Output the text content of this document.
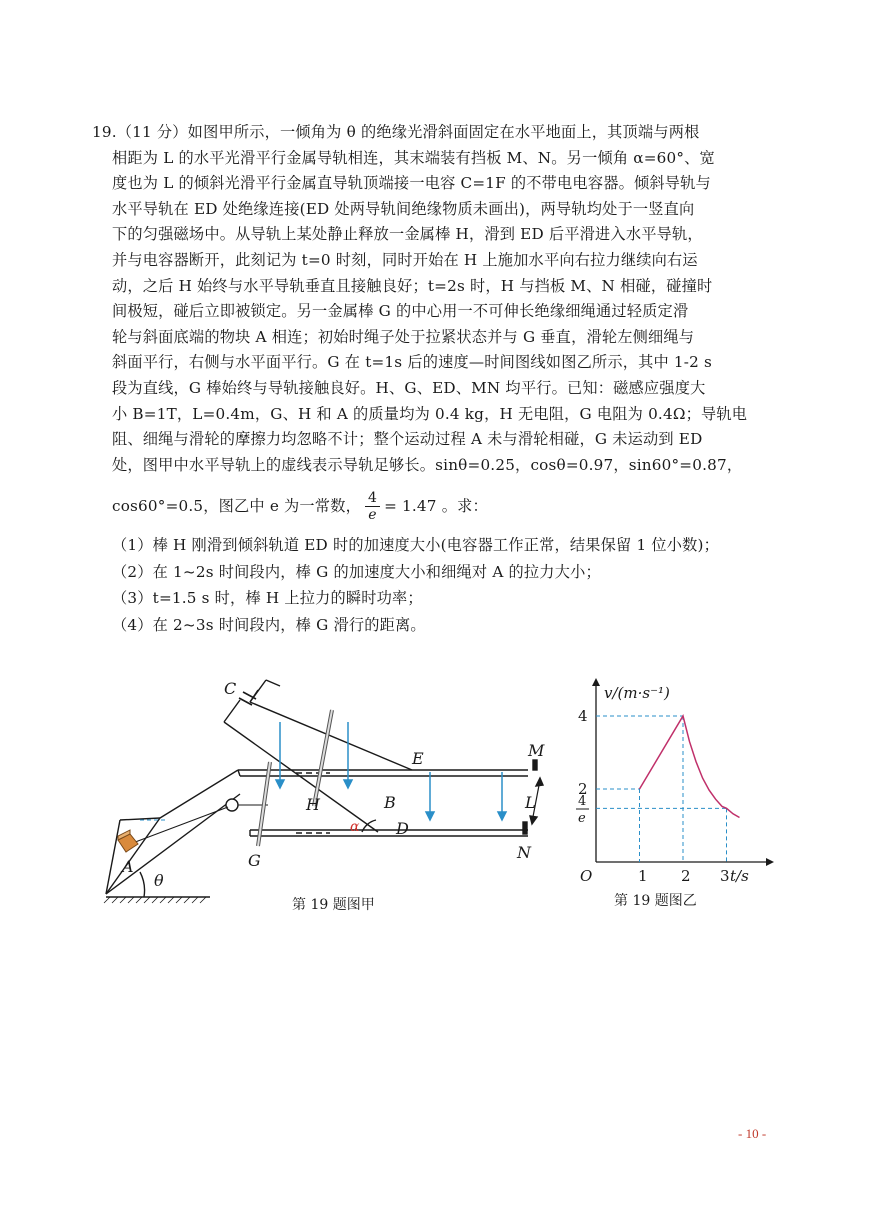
19.（11 分）如图甲所示，一倾角为 θ 的绝缘光滑斜面固定在水平地面上，其顶端与两根

相距为 L 的水平光滑平行金属导轨相连，其末端装有挡板 M、N。另一倾角 α=60°、宽

度也为 L 的倾斜光滑平行金属直导轨顶端接一电容 C=1F 的不带电电容器。倾斜导轨与

水平导轨在 ED 处绝缘连接(ED 处两导轨间绝缘物质未画出)，两导轨均处于一竖直向

下的匀强磁场中。从导轨上某处静止释放一金属棒 H，滑到 ED 后平滑进入水平导轨，

并与电容器断开，此刻记为 t=0 时刻，同时开始在 H 上施加水平向右拉力继续向右运

动，之后 H 始终与水平导轨垂直且接触良好；t=2s 时，H 与挡板 M、N 相碰，碰撞时

间极短，碰后立即被锁定。另一金属棒 G 的中心用一不可伸长绝缘细绳通过轻质定滑

轮与斜面底端的物块 A 相连；初始时绳子处于拉紧状态并与 G 垂直，滑轮左侧细绳与

斜面平行，右侧与水平面平行。G 在 t=1s 后的速度—时间图线如图乙所示，其中 1-2 s

段为直线，G 棒始终与导轨接触良好。H、G、ED、MN 均平行。已知：磁感应强度大

小 B=1T，L=0.4m，G、H 和 A 的质量均为 0.4 kg，H 无电阻，G 电阻为 0.4Ω；导轨电

阻、细绳与滑轮的摩擦力均忽略不计；整个运动过程 A 未与滑轮相碰，G 未运动到 ED

处，图甲中水平导轨上的虚线表示导轨足够长。sinθ=0.25，cosθ=0.97，sin60°=0.87，

cos60°=0.5，图乙中 e 为一常数， $\frac{4}{e} = 1.47$ 。求：

（1）棒 H 刚滑到倾斜轨道 ED 时的加速度大小(电容器工作正常，结果保留 1 位小数)；

（2）在 1~2s 时间段内，棒 G 的加速度大小和细绳对 A 的拉力大小；

（3）t=1.5 s 时，棒 H 上拉力的瞬时功率；

（4）在 2~3s 时间段内，棒 G 滑行的距离。

C
E	M
H	B	L
D
N
G
A
θ
α
第 19 题图甲
v/(m·s⁻¹)
t/s
O
4
2
4
e
1 2 3
第 19 题图乙
- 10 -
